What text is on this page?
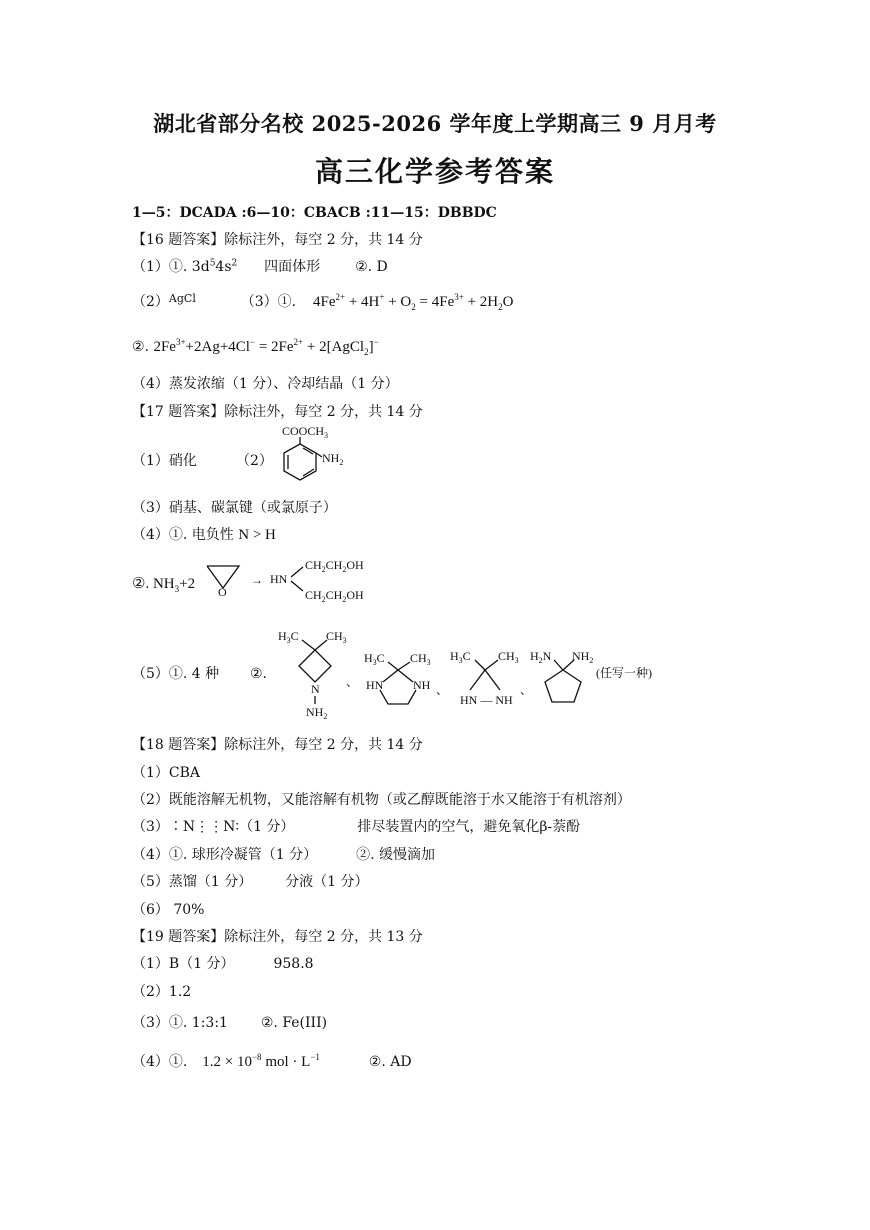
湖北省部分名校 2025-2026 学年度上学期高三 9 月月考
高三化学参考答案
1—5：DCADA :6—10：CBACB :11—15：DBBDC
【16 题答案】除标注外，每空 2 分，共 14 分
（1）①. $3d^54s^2$ 四面体形 ②. D
$(2)^{AgCl}$	（3）①. $4Fe^{2+} + 4H^+ + O_2 = 4Fe^{3+} + 2H_2O$
②. $2Fe^{3+}+2Ag+4Cl^- = 2Fe^{2+}$ + 2[AgCl$_2$]−
（4）蒸发浓缩（1 分）、冷却结晶（1 分）
【17 题答案】除标注外，每空 2 分，共 14 分
（1）硝化	（2）
$COOCH_3$
$NH_2$
（3）硝基、碳氯键（或氯原子）
（4）①. 电负性 N > H
②. $NH_3+2$ O
→ HN
$CH_2CH_2OH$
$CH_2CH_2OH$
（5）①. 4 种 ②.
$H_3C$ $CH_3$
N
$NH_2$
、
$H_3C$ $CH_3$
HN NH 、
$H_3C$ $CH_3$
HN — NH
、
$H_2N$ $NH_2$
(任写一种)
【18 题答案】除标注外，每空 2 分，共 14 分
（1）CBA
（2）既能溶解无机物，又能溶解有机物（或乙醇既能溶于水又能溶于有机溶剂）
（3）∶N⋮⋮N∶（1 分）	排尽装置内的空气，避免氧化β-萘酚
（4）①. 球形冷凝管（1 分）	②. 缓慢滴加
（5）蒸馏（1 分） 分液（1 分）
（6） 70%
【19 题答案】除标注外，每空 2 分，共 13 分
（1）B（1 分）	958.8
（2）1.2
（3）①. 1:3:1 ②. Fe(III)
（4）①. $1.2 \times 10^{-8}$ mol · $L^{-1}$	②. AD
